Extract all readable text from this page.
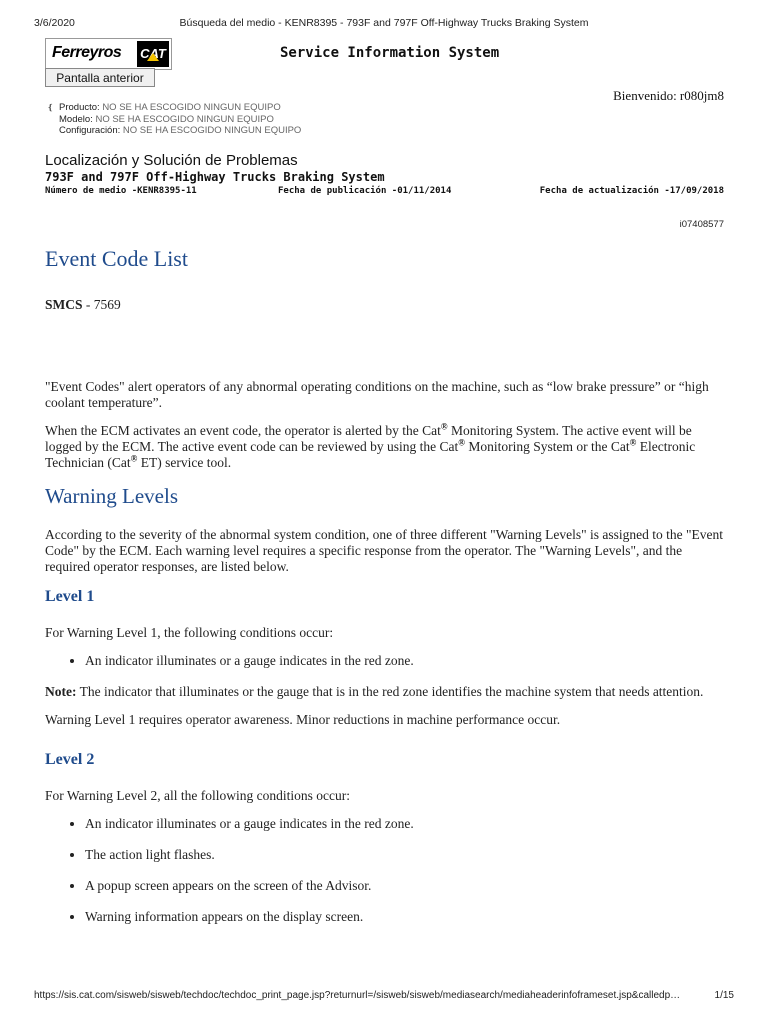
3/6/2020	Búsqueda del medio - KENR8395 - 793F and 797F Off-Highway Trucks Braking System
Ferreyros CAT
Pantalla anterior
Service Information System
Bienvenido: r080jm8
❴ Producto: NO SE HA ESCOGIDO NINGUN EQUIPO
Modelo: NO SE HA ESCOGIDO NINGUN EQUIPO
Configuración: NO SE HA ESCOGIDO NINGUN EQUIPO
Localización y Solución de Problemas
793F and 797F Off-Highway Trucks Braking System
Número de medio -KENR8395-11	Fecha de publicación -01/11/2014	Fecha de actualización -17/09/2018
i07408577
Event Code List

SMCS - 7569

"Event Codes" alert operators of any abnormal operating conditions on the machine, such as “low brake pressure” or “high coolant temperature”.

When the ECM activates an event code, the operator is alerted by the Cat® Monitoring System. The active event will be logged by the ECM. The active event code can be reviewed by using the Cat® Monitoring System or the Cat® Electronic Technician (Cat® ET) service tool.

Warning Levels

According to the severity of the abnormal system condition, one of three different "Warning Levels" is assigned to the "Event Code" by the ECM. Each warning level requires a specific response from the operator. The "Warning Levels", and the required operator responses, are listed below.

Level 1

For Warning Level 1, the following conditions occur:

• An indicator illuminates or a gauge indicates in the red zone.

Note: The indicator that illuminates or the gauge that is in the red zone identifies the machine system that needs attention.

Warning Level 1 requires operator awareness. Minor reductions in machine performance occur.

Level 2

For Warning Level 2, all the following conditions occur:

• An indicator illuminates or a gauge indicates in the red zone.
• The action light flashes.
• A popup screen appears on the screen of the Advisor.
• Warning information appears on the display screen.
https://sis.cat.com/sisweb/sisweb/techdoc/techdoc_print_page.jsp?returnurl=/sisweb/sisweb/mediasearch/mediaheaderinfoframeset.jsp&calledp…	1/15
